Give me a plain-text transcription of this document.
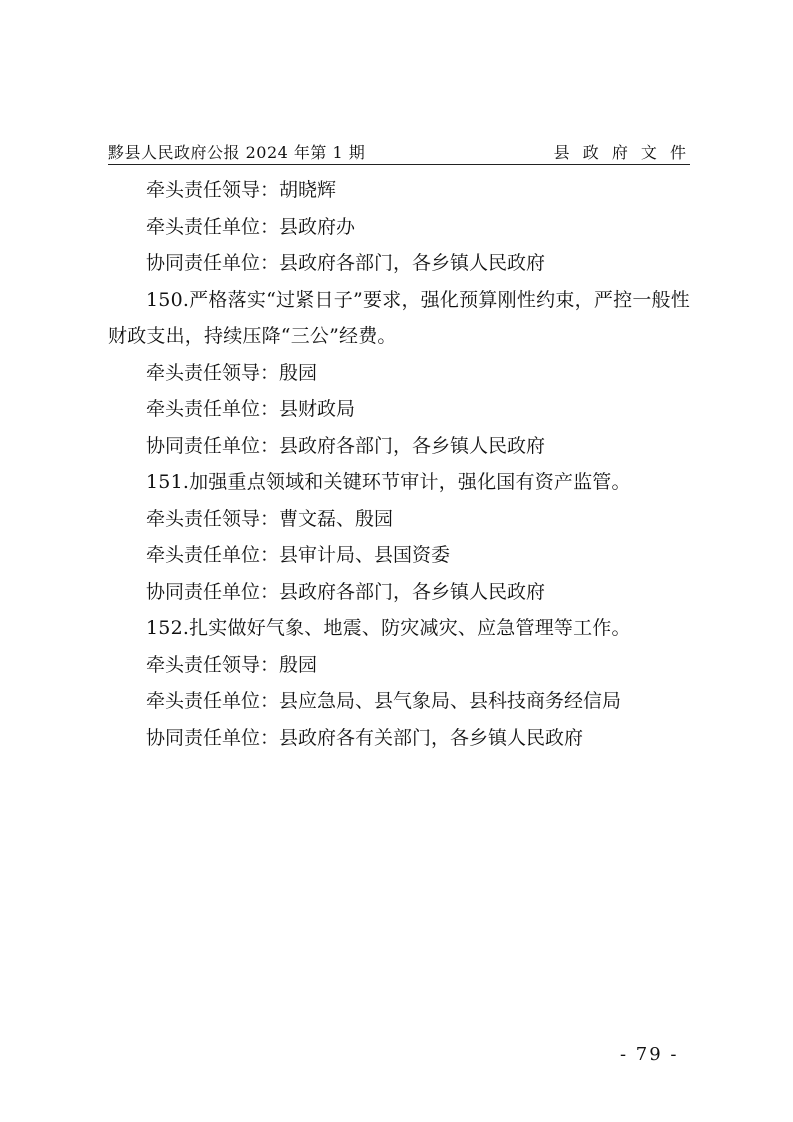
黟县人民政府公报 2024 年第 1 期	县 政 府 文 件
牵头责任领导：胡晓辉
牵头责任单位：县政府办
协同责任单位：县政府各部门，各乡镇人民政府
150.严格落实“过紧日子”要求，强化预算刚性约束，严控一般性财政支出，持续压降“三公”经费。
牵头责任领导：殷园
牵头责任单位：县财政局
协同责任单位：县政府各部门，各乡镇人民政府
151.加强重点领域和关键环节审计，强化国有资产监管。
牵头责任领导：曹文磊、殷园
牵头责任单位：县审计局、县国资委
协同责任单位：县政府各部门，各乡镇人民政府
152.扎实做好气象、地震、防灾减灾、应急管理等工作。
牵头责任领导：殷园
牵头责任单位：县应急局、县气象局、县科技商务经信局
协同责任单位：县政府各有关部门，各乡镇人民政府
- 79 -
